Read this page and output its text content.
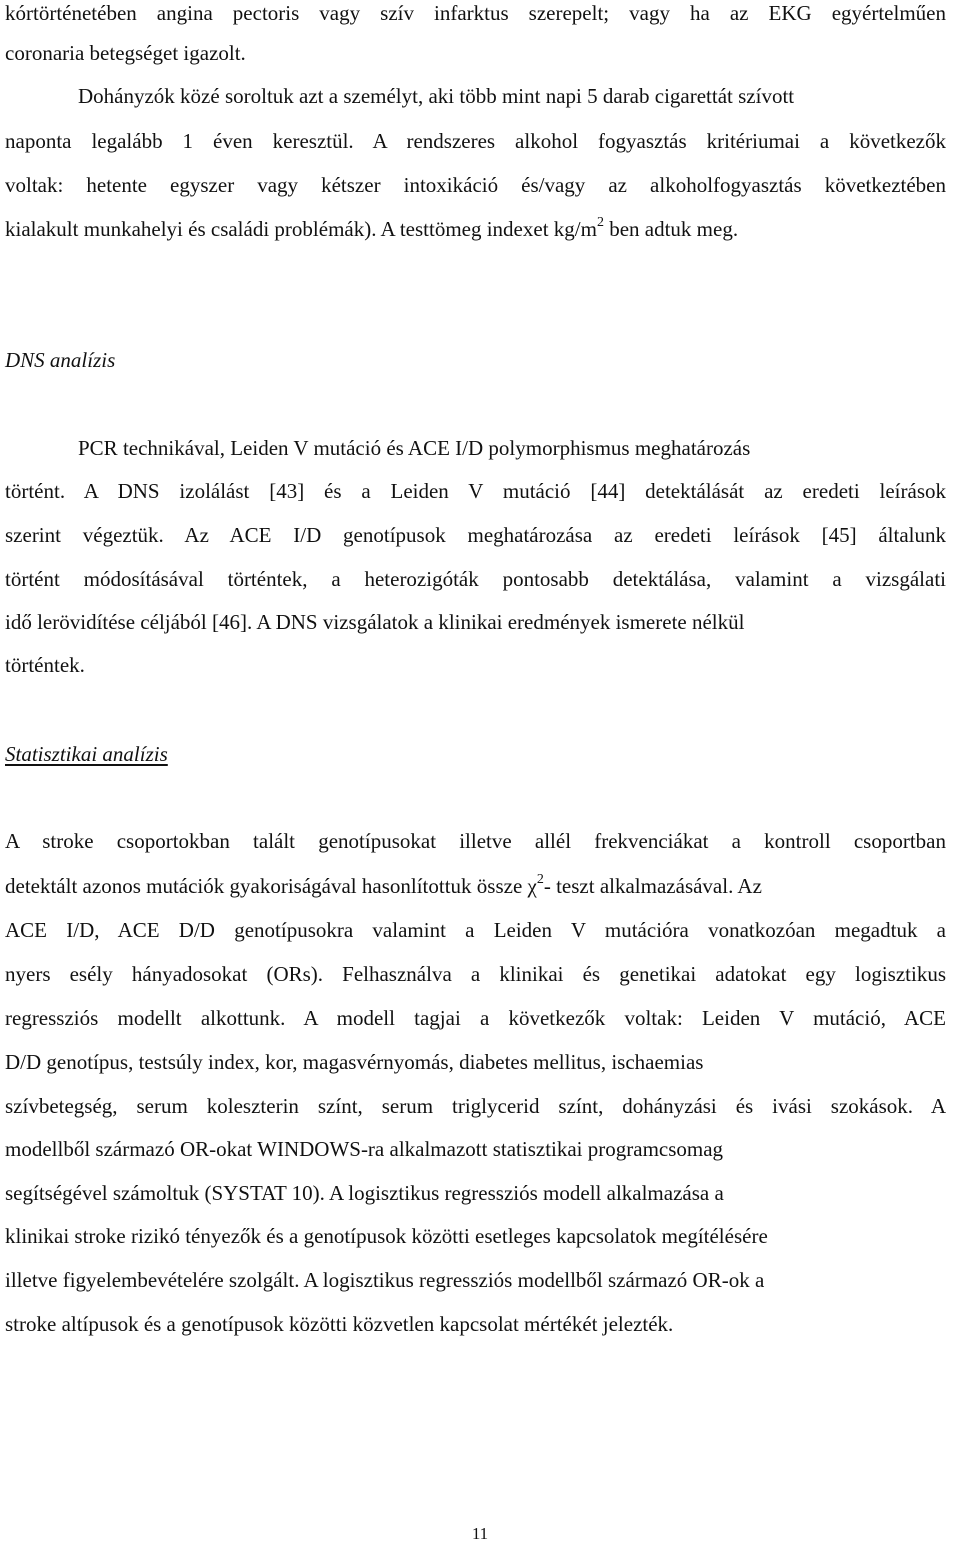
kórtörténetében angina pectoris vagy szív infarktus szerepelt; vagy ha az EKG egyértelműen

coronaria betegséget igazolt.

Dohányzók közé soroltuk azt a személyt, aki több mint napi 5 darab cigarettát szívott

naponta legalább 1 éven keresztül. A rendszeres alkohol fogyasztás kritériumai a következők

voltak: hetente egyszer vagy kétszer intoxikáció és/vagy az alkoholfogyasztás következtében

kialakult munkahelyi és családi problémák). A testtömeg indexet kg/m2 ben adtuk meg.

DNS analízis

PCR technikával, Leiden V mutáció és ACE I/D polymorphismus meghatározás

történt. A DNS izolálást [43] és a Leiden V mutáció [44] detektálását az eredeti leírások

szerint végeztük. Az ACE I/D genotípusok meghatározása az eredeti leírások [45] általunk

történt módosításával történtek, a heterozigóták pontosabb detektálása, valamint a vizsgálati

idő lerövidítése céljából [46]. A DNS vizsgálatok a klinikai eredmények ismerete nélkül

történtek.

Statisztikai analízis

A stroke csoportokban talált genotípusokat illetve allél frekvenciákat a kontroll csoportban

detektált azonos mutációk gyakoriságával hasonlítottuk össze χ2- teszt alkalmazásával. Az

ACE I/D, ACE D/D genotípusokra valamint a Leiden V mutációra vonatkozóan megadtuk a

nyers esély hányadosokat (ORs). Felhasználva a klinikai és genetikai adatokat egy logisztikus

regressziós modellt alkottunk. A modell tagjai a következők voltak: Leiden V mutáció, ACE

D/D genotípus, testsúly index, kor, magasvérnyomás, diabetes mellitus, ischaemias

szívbetegség, serum koleszterin színt, serum triglycerid színt, dohányzási és ivási szokások. A

modellből származó OR-okat WINDOWS-ra alkalmazott statisztikai programcsomag

segítségével számoltuk (SYSTAT 10). A logisztikus regressziós modell alkalmazása a

klinikai stroke rizikó tényezők és a genotípusok közötti esetleges kapcsolatok megítélésére

illetve figyelembevételére szolgált. A logisztikus regressziós modellből származó OR-ok a

stroke altípusok és a genotípusok közötti közvetlen kapcsolat mértékét jelezték.

11
